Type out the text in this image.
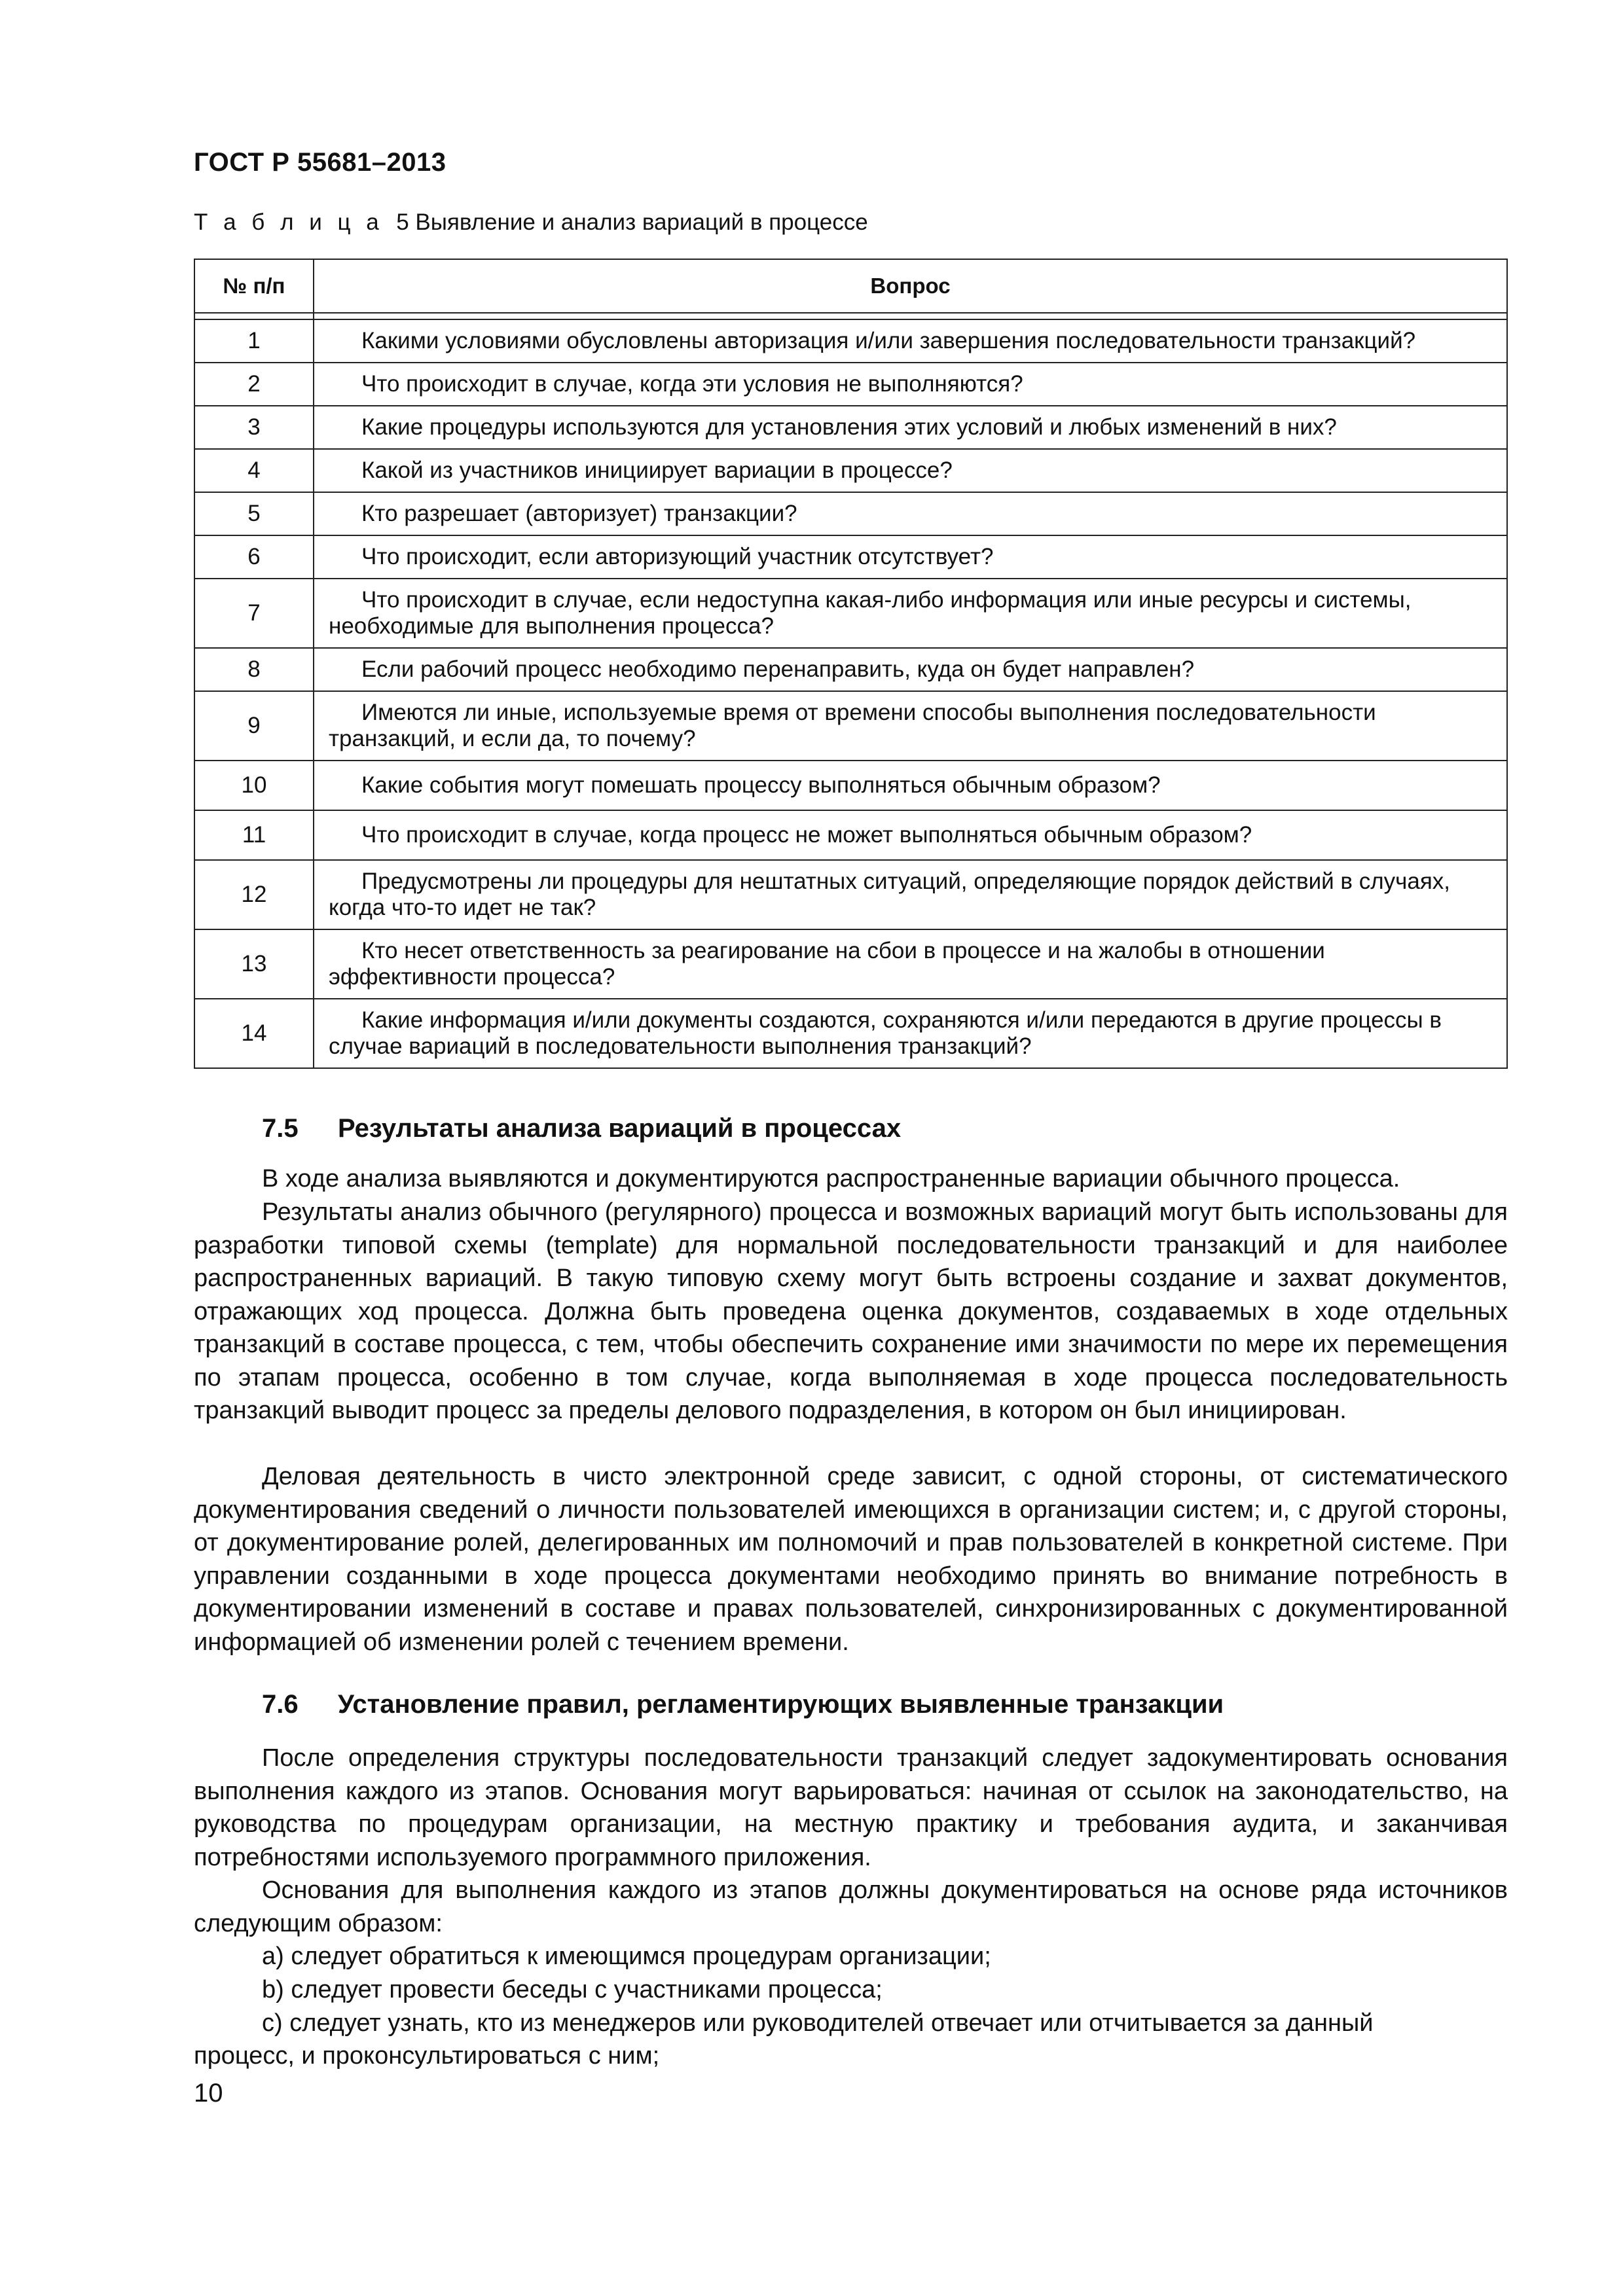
ГОСТ Р 55681–2013
Т а б л и ц а 5 Выявление и анализ вариаций в процессе
№ п/п	Вопрос

1	Какими условиями обусловлены авторизация и/или завершения последовательности транзакций?
2	Что происходит в случае, когда эти условия не выполняются?
3	Какие процедуры используются для установления этих условий и любых изменений в них?
4	Какой из участников инициирует вариации в процессе?
5	Кто разрешает (авторизует) транзакции?
6	Что происходит, если авторизующий участник отсутствует?
7	Что происходит в случае, если недоступна какая-либо информация или иные ресурсы и системы, необходимые для выполнения процесса?
8	Если рабочий процесс необходимо перенаправить, куда он будет направлен?
9	Имеются ли иные, используемые время от времени способы выполнения последовательности транзакций, и если да, то почему?
10	Какие события могут помешать процессу выполняться обычным образом?
11	Что происходит в случае, когда процесс не может выполняться обычным образом?
12	Предусмотрены ли процедуры для нештатных ситуаций, определяющие порядок действий в случаях, когда что-то идет не так?
13	Кто несет ответственность за реагирование на сбои в процессе и на жалобы в отношении эффективности процесса?
14	Какие информация и/или документы создаются, сохраняются и/или передаются в другие процессы в случае вариаций в последовательности выполнения транзакций?
7.5 Результаты анализа вариаций в процессах

В ходе анализа выявляются и документируются распространенные вариации обычного процесса.

Результаты анализ обычного (регулярного) процесса и возможных вариаций могут быть использованы для разработки типовой схемы (template) для нормальной последовательности транзакций и для наиболее распространенных вариаций. В такую типовую схему могут быть встроены создание и захват документов, отражающих ход процесса. Должна быть проведена оценка документов, создаваемых в ходе отдельных транзакций в составе процесса, с тем, чтобы обеспечить сохранение ими значимости по мере их перемещения по этапам процесса, особенно в том случае, когда выполняемая в ходе процесса последовательность транзакций выводит процесс за пределы делового подразделения, в котором он был инициирован.

Деловая деятельность в чисто электронной среде зависит, с одной стороны, от систематического документирования сведений о личности пользователей имеющихся в организации систем; и, с другой стороны, от документирование ролей, делегированных им полномочий и прав пользователей в конкретной системе. При управлении созданными в ходе процесса документами необходимо принять во внимание потребность в документировании изменений в составе и правах пользователей, синхронизированных с документированной информацией об изменении ролей с течением времени.

7.6 Установление правил, регламентирующих выявленные транзакции

После определения структуры последовательности транзакций следует задокументировать основания выполнения каждого из этапов. Основания могут варьироваться: начиная от ссылок на законодательство, на руководства по процедурам организации, на местную практику и требования аудита, и заканчивая потребностями используемого программного приложения.

Основания для выполнения каждого из этапов должны документироваться на основе ряда источников следующим образом:

a) следует обратиться к имеющимся процедурам организации;

b) следует провести беседы с участниками процесса;

c) следует узнать, кто из менеджеров или руководителей отвечает или отчитывается за данный

процесс, и проконсультироваться с ним;

10
